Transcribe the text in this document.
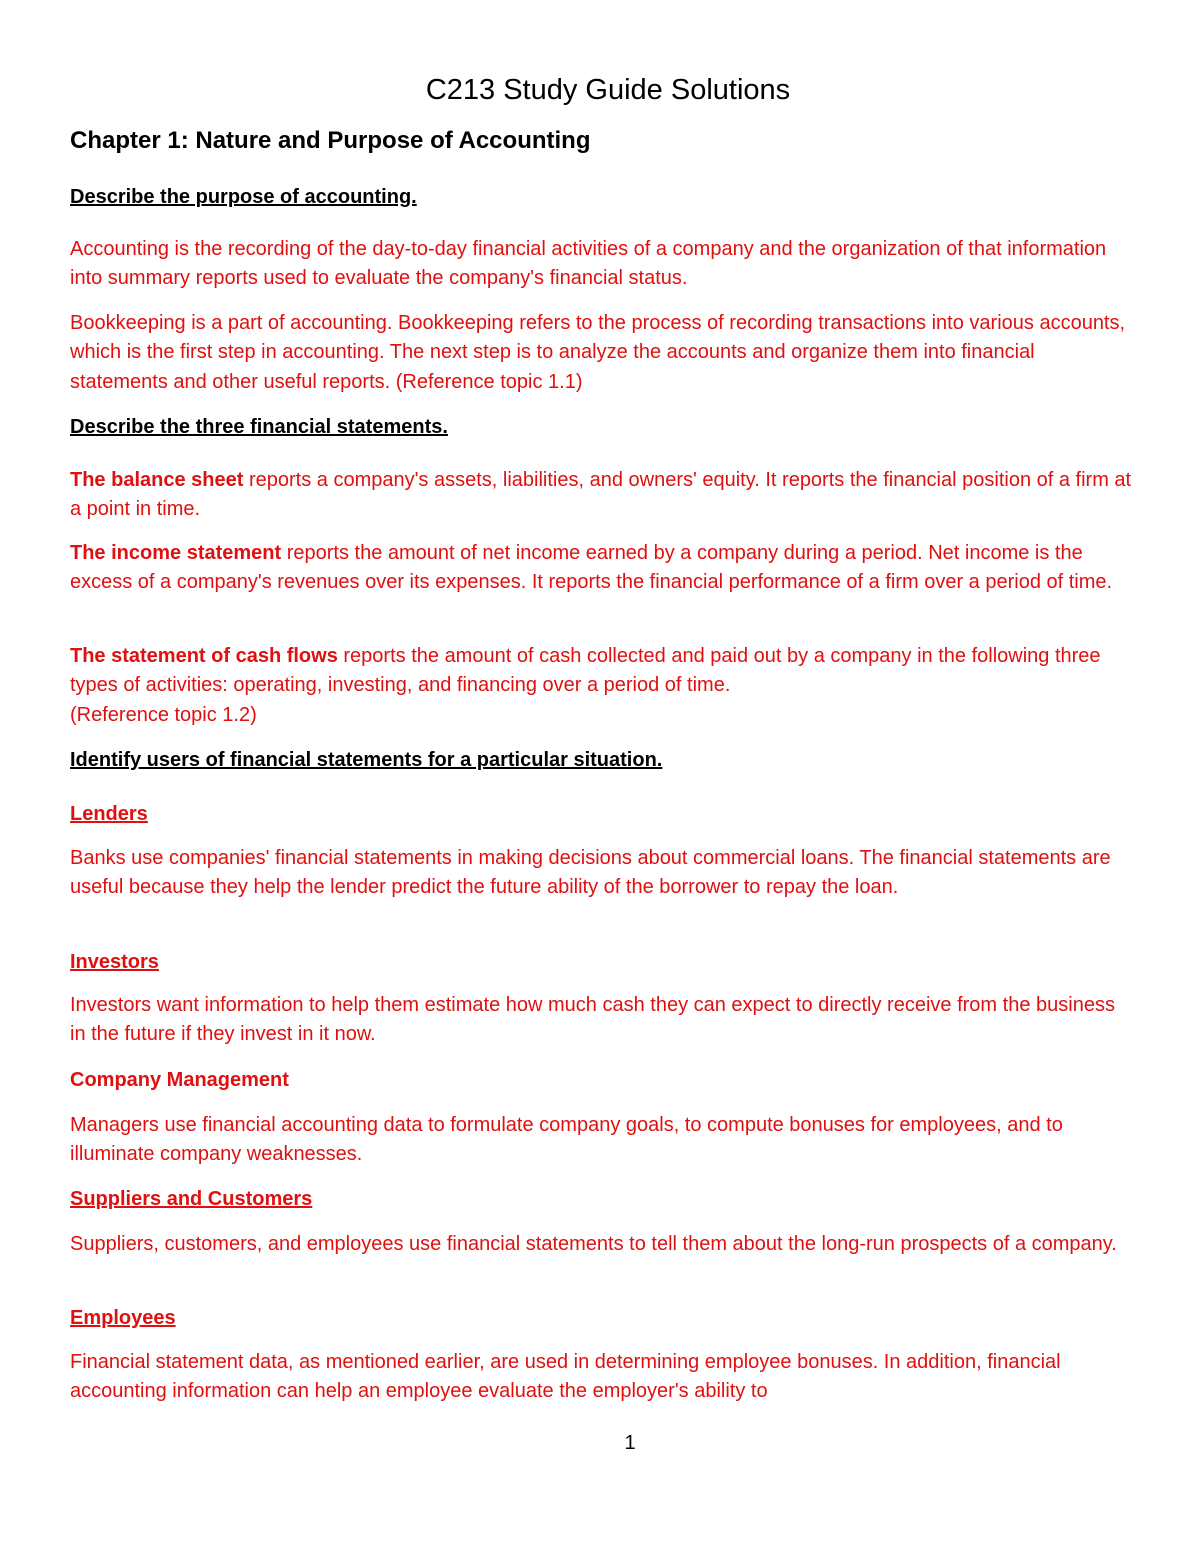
C213 Study Guide Solutions
Chapter 1: Nature and Purpose of Accounting

Describe the purpose of accounting.

Accounting is the recording of the day-to-day financial activities of a company and the organization of that information into summary reports used to evaluate the company's financial status.

Bookkeeping is a part of accounting. Bookkeeping refers to the process of recording transactions into various accounts, which is the first step in accounting. The next step is to analyze the accounts and organize them into financial statements and other useful reports. (Reference topic 1.1)

Describe the three financial statements.

The balance sheet reports a company's assets, liabilities, and owners' equity. It reports the financial position of a firm at a point in time.

The income statement reports the amount of net income earned by a company during a period. Net income is the excess of a company's revenues over its expenses. It reports the financial performance of a firm over a period of time.

The statement of cash flows reports the amount of cash collected and paid out by a company in the following three types of activities: operating, investing, and financing over a period of time.
(Reference topic 1.2)

Identify users of financial statements for a particular situation.

Lenders

Banks use companies' financial statements in making decisions about commercial loans. The financial statements are useful because they help the lender predict the future ability of the borrower to repay the loan.

Investors

Investors want information to help them estimate how much cash they can expect to directly receive from the business in the future if they invest in it now.

Company Management

Managers use financial accounting data to formulate company goals, to compute bonuses for employees, and to illuminate company weaknesses.

Suppliers and Customers

Suppliers, customers, and employees use financial statements to tell them about the long-run prospects of a company.

Employees

Financial statement data, as mentioned earlier, are used in determining employee bonuses. In addition, financial accounting information can help an employee evaluate the employer's ability to

1
